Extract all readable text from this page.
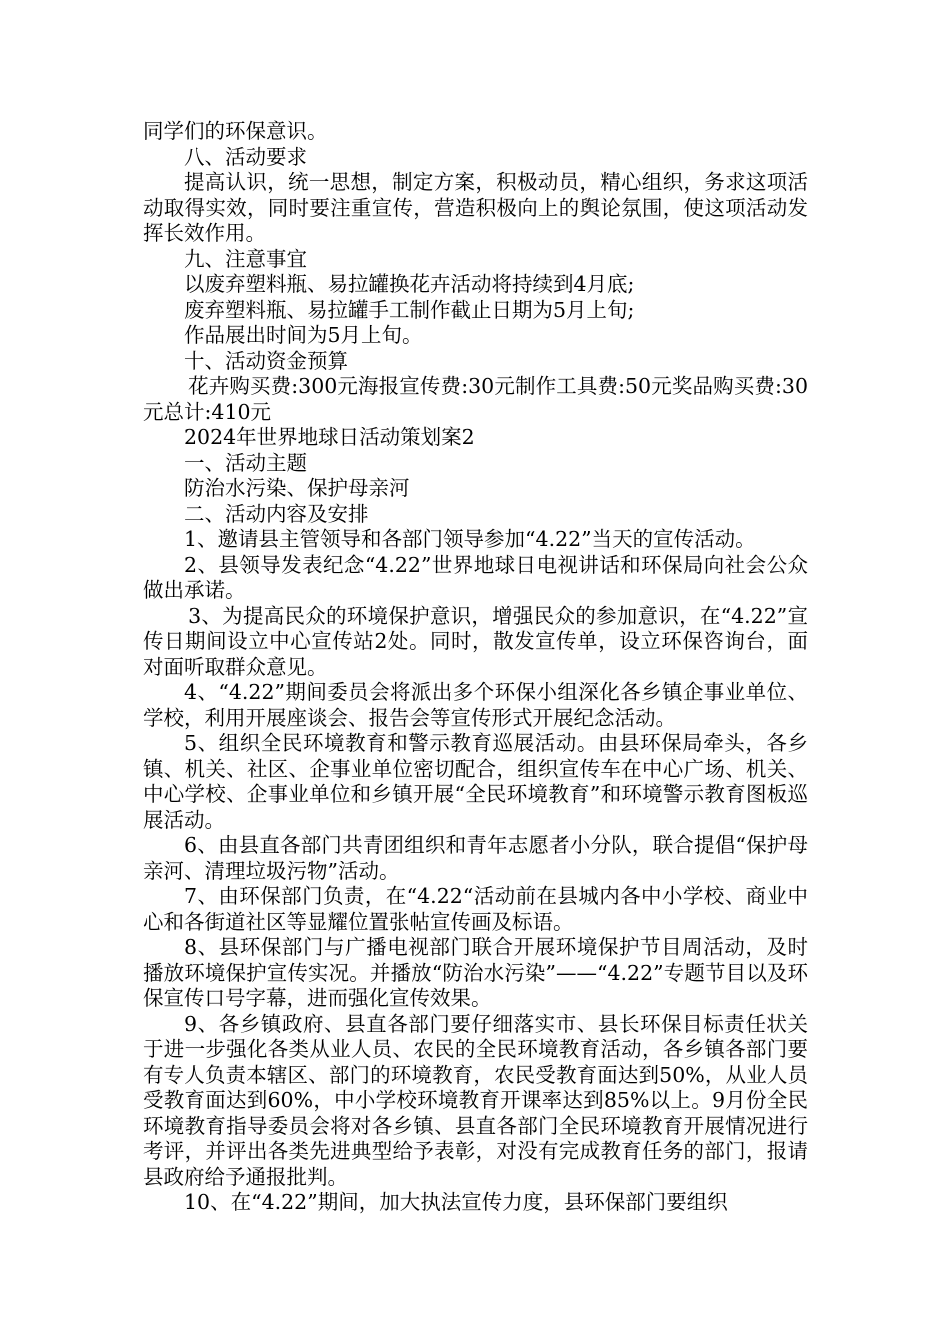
同学们的环保意识。

八、活动要求

提高认识，统一思想，制定方案，积极动员，精心组织，务求这项活动取得实效，同时要注重宣传，营造积极向上的舆论氛围，使这项活动发挥长效作用。

九、注意事宜

以废弃塑料瓶、易拉罐换花卉活动将持续到4月底;

废弃塑料瓶、易拉罐手工制作截止日期为5月上旬;

作品展出时间为5月上旬。

十、活动资金预算

花卉购买费:300元海报宣传费:30元制作工具费:50元奖品购买费:30元总计:410元

2024年世界地球日活动策划案2

一、活动主题

防治水污染、保护母亲河

二、活动内容及安排

1、邀请县主管领导和各部门领导参加“4.22”当天的宣传活动。

2、县领导发表纪念“4.22”世界地球日电视讲话和环保局向社会公众做出承诺。

3、为提高民众的环境保护意识，增强民众的参加意识，在“4.22”宣传日期间设立中心宣传站2处。同时，散发宣传单，设立环保咨询台，面对面听取群众意见。

4、“4.22”期间委员会将派出多个环保小组深化各乡镇企事业单位、学校，利用开展座谈会、报告会等宣传形式开展纪念活动。

5、组织全民环境教育和警示教育巡展活动。由县环保局牵头，各乡镇、机关、社区、企事业单位密切配合，组织宣传车在中心广场、机关、中心学校、企事业单位和乡镇开展“全民环境教育”和环境警示教育图板巡展活动。

6、由县直各部门共青团组织和青年志愿者小分队，联合提倡“保护母亲河、清理垃圾污物”活动。

7、由环保部门负责，在“4.22“活动前在县城内各中小学校、商业中心和各街道社区等显耀位置张帖宣传画及标语。

8、县环保部门与广播电视部门联合开展环境保护节目周活动，及时播放环境保护宣传实况。并播放“防治水污染”——“4.22”专题节目以及环保宣传口号字幕，进而强化宣传效果。

9、各乡镇政府、县直各部门要仔细落实市、县长环保目标责任状关于进一步强化各类从业人员、农民的全民环境教育活动，各乡镇各部门要有专人负责本辖区、部门的环境教育，农民受教育面达到50%，从业人员受教育面达到60%，中小学校环境教育开课率达到85%以上。9月份全民环境教育指导委员会将对各乡镇、县直各部门全民环境教育开展情况进行考评，并评出各类先进典型给予表彰，对没有完成教育任务的部门，报请县政府给予通报批判。

10、在“4.22”期间，加大执法宣传力度，县环保部门要组织
